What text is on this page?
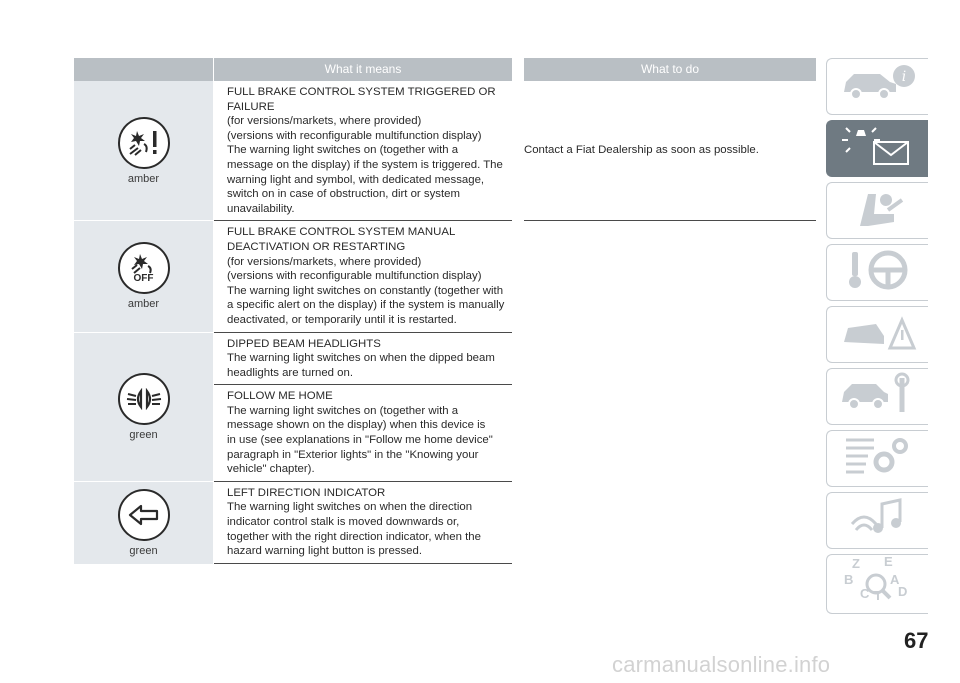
What it means	What to do
amber
FULL BRAKE CONTROL SYSTEM TRIGGERED OR
FAILURE
(for versions/markets, where provided)
(versions with reconfigurable multifunction display)
The warning light switches on (together with a
message on the display) if the system is triggered. The
warning light and symbol, with dedicated message,
switch on in case of obstruction, dirt or system
unavailability.
Contact a Fiat Dealership as soon as possible.
OFF
amber
FULL BRAKE CONTROL SYSTEM MANUAL
DEACTIVATION OR RESTARTING
(for versions/markets, where provided)
(versions with reconfigurable multifunction display)
The warning light switches on constantly (together with
a specific alert on the display) if the system is manually
deactivated, or temporarily until it is restarted.
green
DIPPED BEAM HEADLIGHTS
The warning light switches on when the dipped beam
headlights are turned on.
FOLLOW ME HOME
The warning light switches on (together with a
message shown on the display) when this device is
in use (see explanations in "Follow me home device"
paragraph in "Exterior lights" in the "Knowing your
vehicle" chapter).
green
LEFT DIRECTION INDICATOR
The warning light switches on when the direction
indicator control stalk is moved downwards or,
together with the right direction indicator, when the
hazard warning light button is pressed.
i
Z E
B	A
C T D
67
carmanualsonline.info
